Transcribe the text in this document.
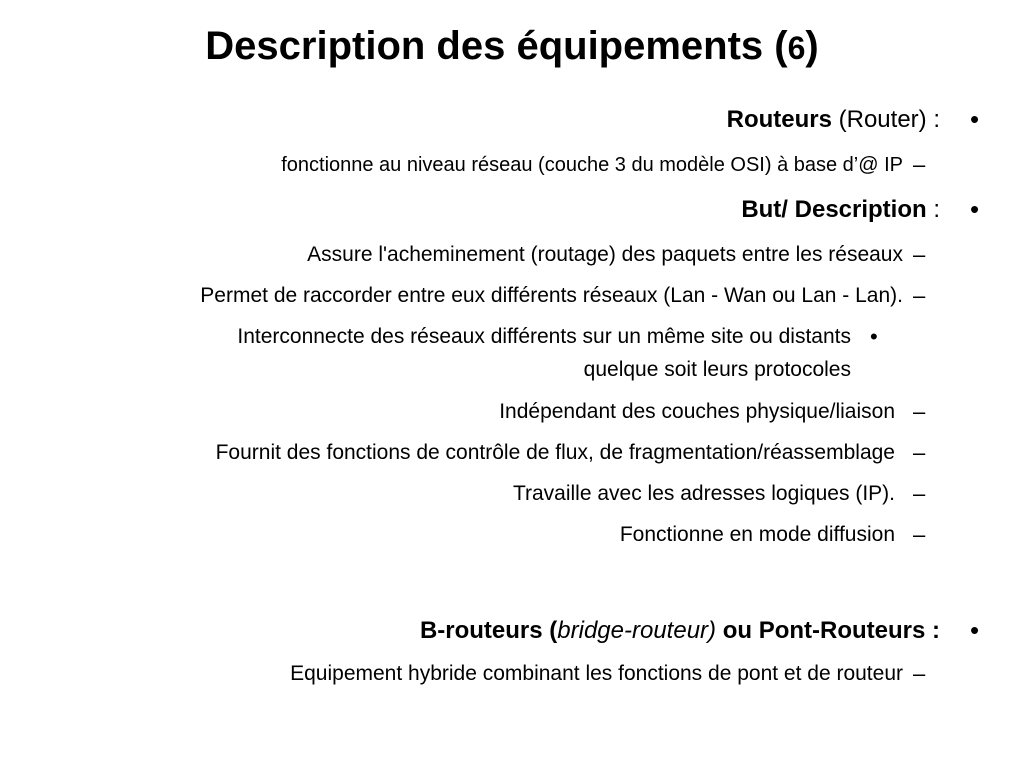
Description des équipements (6)
Routeurs (Router) : •
fonctionne au niveau réseau (couche 3 du modèle OSI) à base d’@ IP –
But/ Description : •
Assure l'acheminement (routage) des paquets entre les réseaux –
Permet de raccorder entre eux différents réseaux (Lan - Wan ou Lan - Lan). –
Interconnecte des réseaux différents sur un même site ou distants
quelque soit leurs protocoles
•
Indépendant des couches physique/liaison –
Fournit des fonctions de contrôle de flux, de fragmentation/réassemblage –
Travaille avec les adresses logiques (IP). –
Fonctionne en mode diffusion –
B-routeurs (bridge-routeur) ou Pont-Routeurs : •
Equipement hybride combinant les fonctions de pont et de routeur –
